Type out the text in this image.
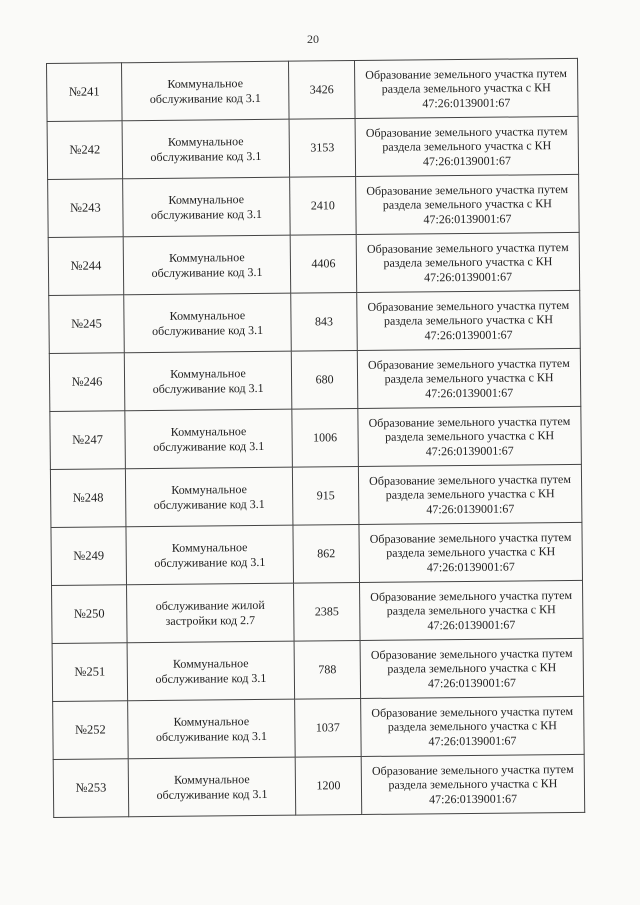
20
№241	Коммунальное обслуживание код 3.1	3426	Образование земельного участка путем раздела земельного участка с КН 47:26:0139001:67
№242	Коммунальное обслуживание код 3.1	3153	Образование земельного участка путем раздела земельного участка с КН 47:26:0139001:67
№243	Коммунальное обслуживание код 3.1	2410	Образование земельного участка путем раздела земельного участка с КН 47:26:0139001:67
№244	Коммунальное обслуживание код 3.1	4406	Образование земельного участка путем раздела земельного участка с КН 47:26:0139001:67
№245	Коммунальное обслуживание код 3.1	843	Образование земельного участка путем раздела земельного участка с КН 47:26:0139001:67
№246	Коммунальное обслуживание код 3.1	680	Образование земельного участка путем раздела земельного участка с КН 47:26:0139001:67
№247	Коммунальное обслуживание код 3.1	1006	Образование земельного участка путем раздела земельного участка с КН 47:26:0139001:67
№248	Коммунальное обслуживание код 3.1	915	Образование земельного участка путем раздела земельного участка с КН 47:26:0139001:67
№249	Коммунальное обслуживание код 3.1	862	Образование земельного участка путем раздела земельного участка с КН 47:26:0139001:67
№250	обслуживание жилой застройки код 2.7	2385	Образование земельного участка путем раздела земельного участка с КН 47:26:0139001:67
№251	Коммунальное обслуживание код 3.1	788	Образование земельного участка путем раздела земельного участка с КН 47:26:0139001:67
№252	Коммунальное обслуживание код 3.1	1037	Образование земельного участка путем раздела земельного участка с КН 47:26:0139001:67
№253	Коммунальное обслуживание код 3.1	1200	Образование земельного участка путем раздела земельного участка с КН 47:26:0139001:67
